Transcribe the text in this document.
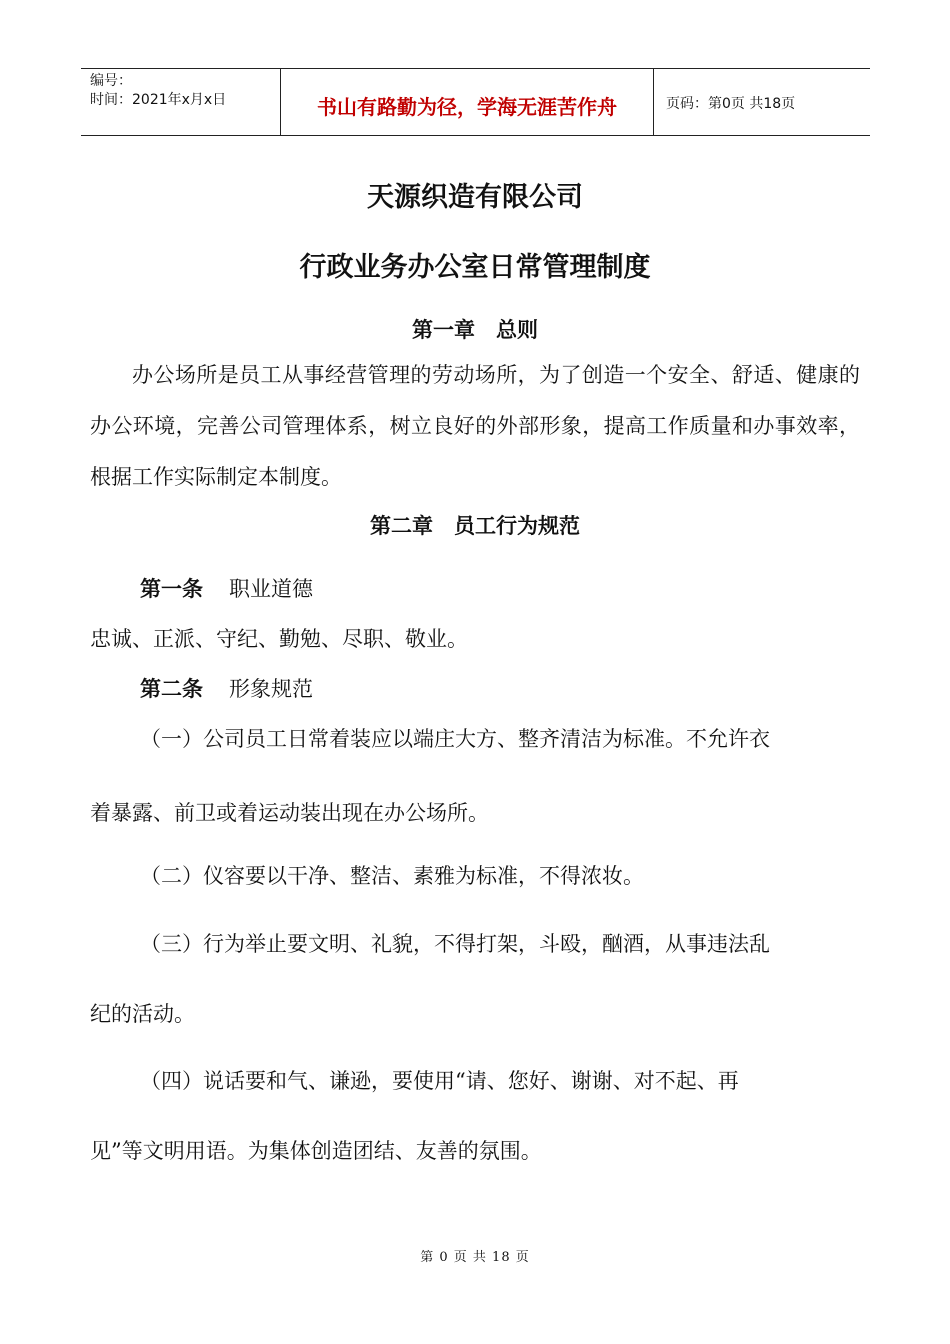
编号：
时间：2021年x月x日	书山有路勤为径，学海无涯苦作舟	页码：第0页 共18页
天源织造有限公司
行政业务办公室日常管理制度
第一章　总则
办公场所是员工从事经营管理的劳动场所，为了创造一个安全、舒适、健康的办公环境，完善公司管理体系，树立良好的外部形象，提高工作质量和办事效率，根据工作实际制定本制度。
第二章　员工行为规范
第一条 职业道德
忠诚、正派、守纪、勤勉、尽职、敬业。
第二条 形象规范
（一）公司员工日常着装应以端庄大方、整齐清洁为标准。不允许衣
着暴露、前卫或着运动装出现在办公场所。
（二）仪容要以干净、整洁、素雅为标准，不得浓妆。
（三）行为举止要文明、礼貌，不得打架，斗殴，酗酒，从事违法乱
纪的活动。
（四）说话要和气、谦逊，要使用“请、您好、谢谢、对不起、再
见”等文明用语。为集体创造团结、友善的氛围。
第 0 页 共 18 页
